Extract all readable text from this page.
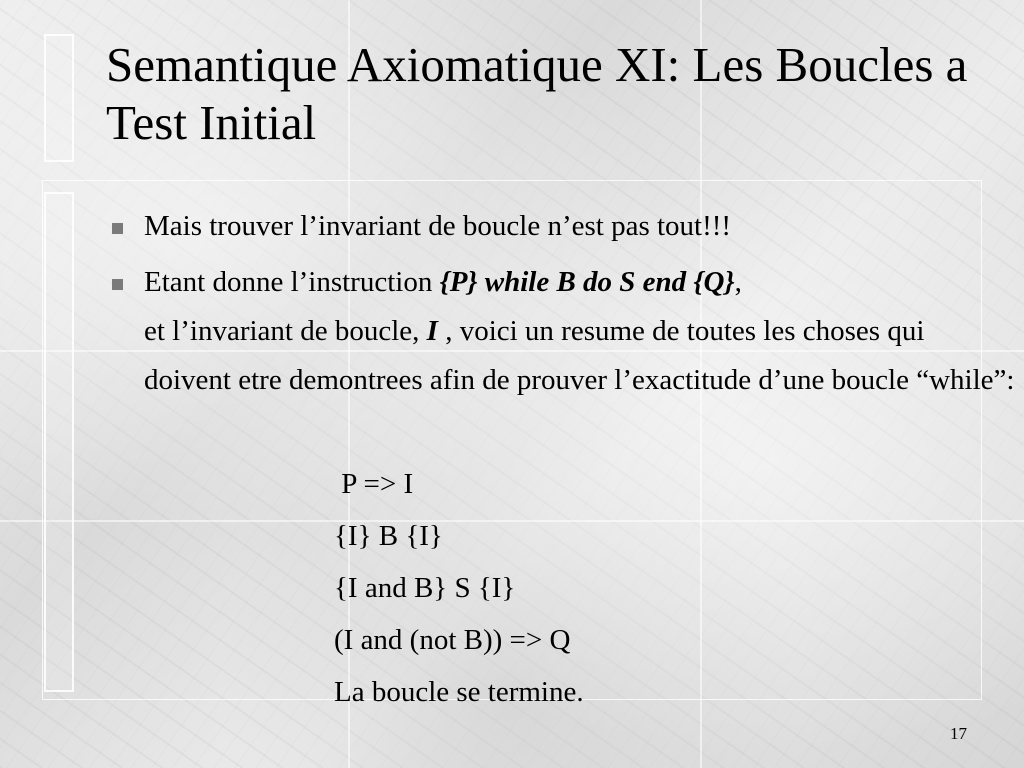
Semantique Axiomatique XI: Les Boucles a Test Initial
Mais trouver l’invariant de boucle n’est pas tout!!!
Etant donne l’instruction {P} while B do S end {Q},
et l’invariant de boucle, I , voici un resume de toutes les choses qui doivent etre demontrees afin de prouver l’exactitude d’une boucle “while”:
P => I
{I} B {I}
{I and B} S {I}
(I and (not B)) => Q
La boucle se termine.
17
